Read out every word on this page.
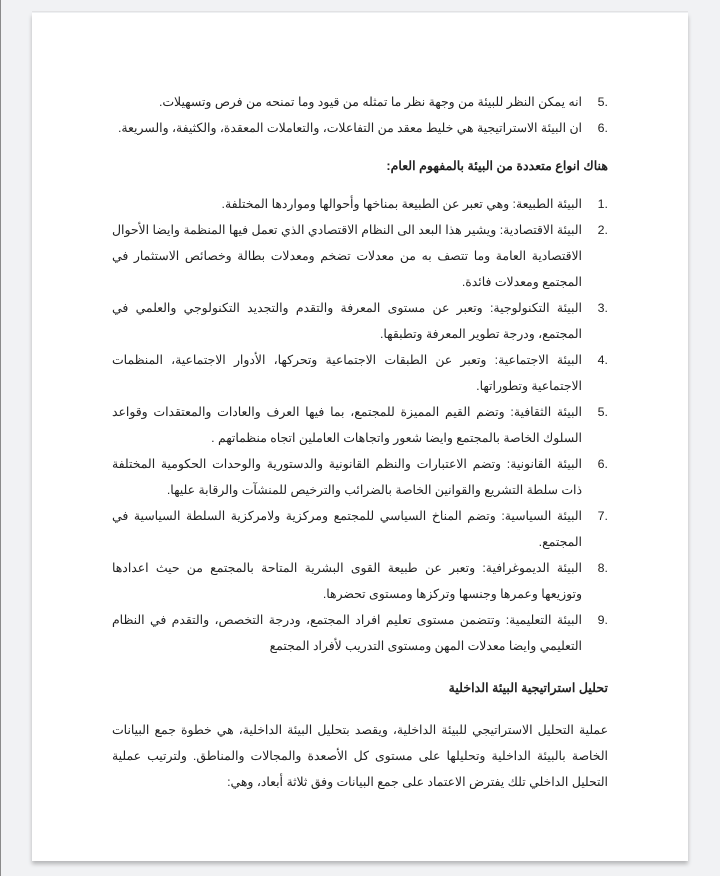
5.
انه يمكن النظر للبيئة من وجهة نظر ما تمثله من قيود وما تمنحه من فرص وتسهيلات.
6.
ان البيئة الاستراتيجية هي خليط معقد من التفاعلات، والتعاملات المعقدة، والكثيفة، والسريعة.
هناك انواع متعددة من البيئة بالمفهوم العام:
1.
البيئة الطبيعة: وهي تعبر عن الطبيعة بمناخها وأحوالها ومواردها المختلفة.
2.
البيئة الاقتصادية: ويشير هذا البعد الى النظام الاقتصادي الذي تعمل فيها المنظمة وايضا الأحوال الاقتصادية العامة وما تتصف به من معدلات تضخم ومعدلات بطالة وخصائص الاستثمار في المجتمع ومعدلات فائدة.
3.
البيئة التكنولوجية: وتعبر عن مستوى المعرفة والتقدم والتجديد التكنولوجي والعلمي في المجتمع، ودرجة تطوير المعرفة وتطبقها.
4.
البيئة الاجتماعية: وتعبر عن الطبقات الاجتماعية وتحركها، الأدوار الاجتماعية، المنظمات الاجتماعية وتطوراتها.
5.
البيئة الثقافية: وتضم القيم المميزة للمجتمع، بما فيها العرف والعادات والمعتقدات وقواعد السلوك الخاصة بالمجتمع وايضا شعور واتجاهات العاملين اتجاه منظماتهم .
6.
البيئة القانونية: وتضم الاعتبارات والنظم القانونية والدستورية والوحدات الحكومية المختلفة ذات سلطة التشريع والقوانين الخاصة بالضرائب والترخيص للمنشآت والرقابة عليها.
7.
البيئة السياسية: وتضم المناخ السياسي للمجتمع ومركزية ولامركزية السلطة السياسية في المجتمع.
8.
البيئة الديموغرافية: وتعبر عن طبيعة القوى البشرية المتاحة بالمجتمع من حيث اعدادها وتوزيعها وعمرها وجنسها وتركزها ومستوى تحضرها.
9.
البيئة التعليمية: وتتضمن مستوى تعليم افراد المجتمع، ودرجة التخصص، والتقدم في النظام التعليمي وايضا معدلات المهن ومستوى التدريب لأفراد المجتمع
تحليل استراتيجية البيئة الداخلية
عملية التحليل الاستراتيجي للبيئة الداخلية، ويقصد بتحليل البيئة الداخلية، هي خطوة جمع البيانات الخاصة بالبيئة الداخلية وتحليلها على مستوى كل الأصعدة والمجالات والمناطق. ولترتيب عملية التحليل الداخلي تلك يفترض الاعتماد على جمع البيانات وفق ثلاثة أبعاد، وهي:
